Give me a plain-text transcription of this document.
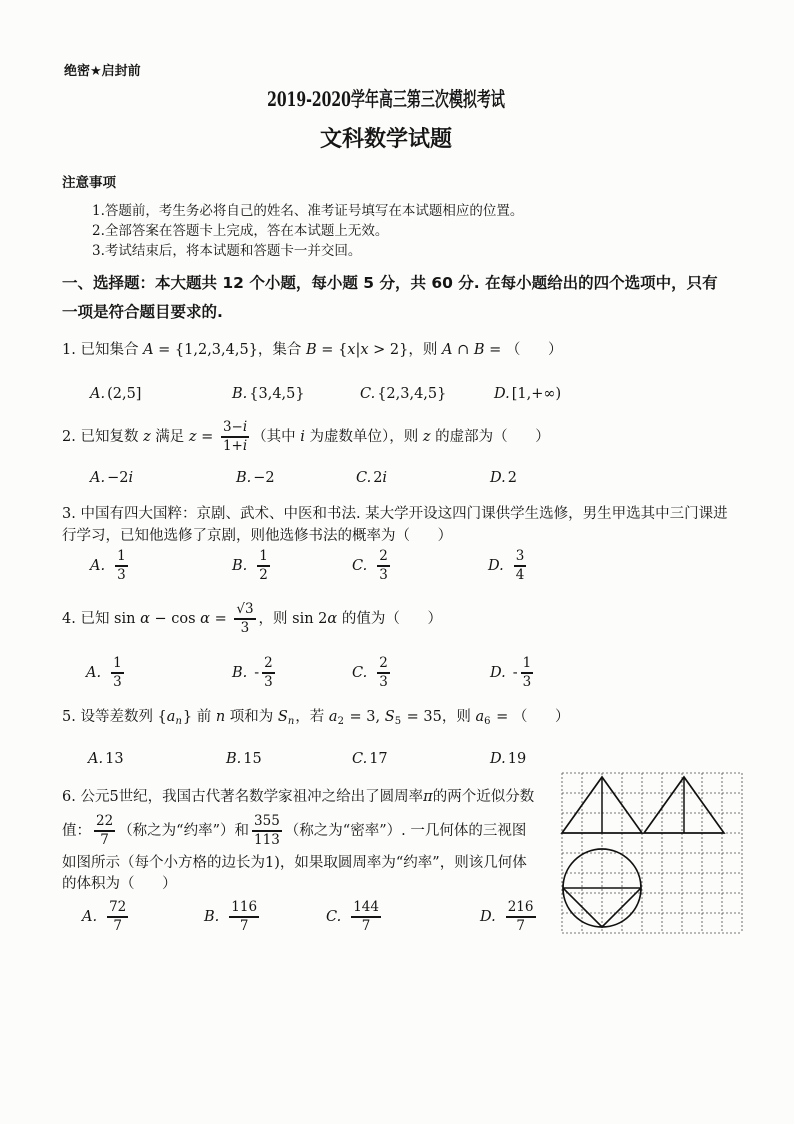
绝密★启封前
2019-2020学年高三第三次模拟考试
文科数学试题
注意事项
1.答题前，考生务必将自己的姓名、准考证号填写在本试题相应的位置。
2.全部答案在答题卡上完成，答在本试题上无效。
3.考试结束后，将本试题和答题卡一并交回。
一、选择题：本大题共 12 个小题，每小题 5 分，共 60 分. 在每小题给出的四个选项中，只有
一项是符合题目要求的.
1. 已知集合 A = {1,2,3,4,5}，集合 B = { x | x > 2}，则 A ∩ B = （      ）
A. (2,5]	B. {3,4,5}	C. {2,3,4,5}	D. [1,+∞)
2. 已知复数 z 满足 $z = \frac{3- i}{1+ i}$ （其中 i 为虚数单位），则 z 的虚部为（      ）
A. −2 i	B. −2	C. 2 i	D. 2
3. 中国有四大国粹：京剧、武术、中医和书法. 某大学开设这四门课供学生选修，男生甲选其中三门课进
行学习，已知他选修了京剧，则他选修书法的概率为（      ）
A. $\frac{1}{3}$	B. $\frac{1}{2}$	C. $\frac{2}{3}$	D. $\frac{3}{4}$
4. 已知 $\sin \alpha - \cos \alpha = \frac{√3}{3}$ ，则 sin 2 α 的值为（      ）
A. $\frac{1}{3}$	B. - $\frac{2}{3}$	C. $\frac{2}{3}$	D. - $\frac{1}{3}$
5. 设等差数列 { a n } 前 n 项和为 S n ，若 a 2 = 3, S 5 = 35，则 a 6 = （      ）
A. 13	B. 15	C. 17	D. 19
6. 公元5世纪，我国古代著名数学家祖冲之给出了圆周率 π 的两个近似分数
值： $\frac{22}{7}$ （称之为“约率”）和 $\frac{355}{113}$ （称之为“密率”）. 一几何体的三视图
如图所示（每个小方格的边长为1)，如果取圆周率为“约率”，则该几何体
的体积为（      ）
A. $\frac{72}{7}$	B. $\frac{116}{7}$	C. $\frac{144}{7}$	D. $\frac{216}{7}$
